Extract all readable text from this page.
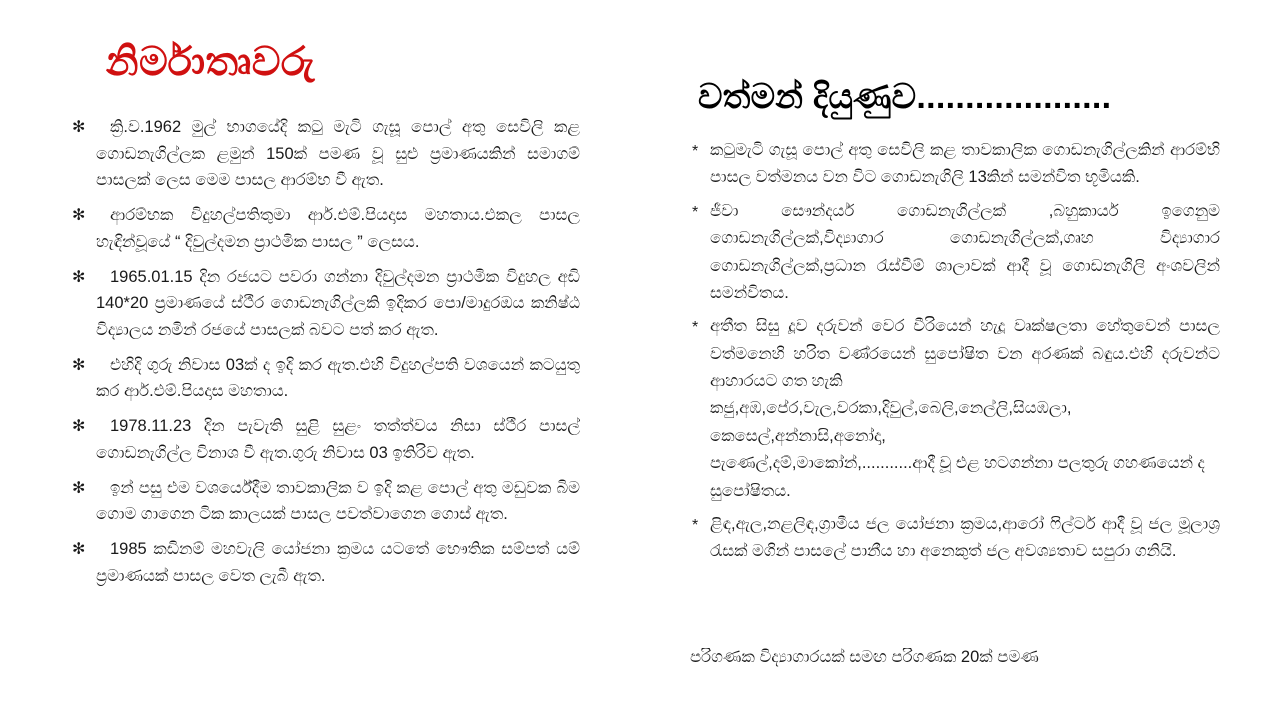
නිර්මාතෘවරු
✻ ක්‍රි.ව.1962 මුල් භාගයේදි කටු මැටි ගැසූ පොල් අතු සෙවිලි කළ ගොඩනැගිල්ලක ළමුන් 150ක් පමණ වූ සුළු ප්‍රමාණයකින් සමාගම් පාසලක් ලෙස මෙම පාසල ආරම්භ වී ඇත.
✻ ආරම්භක විදුහල්පතිතුමා ආර්.එම්.පියදාස මහතාය.එකල පාසල හැඳින්වූයේ “ දිවුල්දමන ප්‍රාථමික පාසල ” ලෙසය.
✻ 1965.01.15 දින රජයට පවරා ගන්නා දිවුල්දමන ප්‍රාථමික විදුහල අඩි 140*20 ප්‍රමාණයේ ස්ථීර ගොඩනැගිල්ලකි ඉදිකර පො/මාදුරඔය කනිෂ්ඨ විද්‍යාලය නමින් රජයේ පාසලක් බවට පත් කර ඇත.
✻ එහිදි ගුරු නිවාස 03ක් ද ඉදි කර ඇත.එහි විදුහල්පති වශයෙන් කටයුතු කර ආර්.එම්.පියදාස මහතාය.
✻ 1978.11.23 දින පැවැති සුළි සුළං තත්ත්වය නිසා ස්ථීර පාසල් ගොඩනැගිල්ල විනාශ වී ඇත.ගුරු නිවාස 03 ඉතිරිව ඇත.
✻ ඉන් පසු එම වශර්යේදීම තාවකාලික ව ඉදි කළ පොල් අතු මඩුවක බිම ගොම ගාගෙන ටික කාලයක් පාසල පවත්වාගෙන ගොස් ඇත.
✻ 1985 කඩිනම් මහවැලි යෝජනා ක්‍රමය යටතේ භෞතික සම්පත් යම් ප්‍රමාණයක් පාසල වෙත ලැබී ඇත.
වත්මන් දියුණුව....................
* කටුමැටි ගැසූ පොල් අතු සෙවිලි කළ තාවකාලික ගොඩනැගිල්ලකින් ආරම්භි පාසල වත්මනය වන විට ගොඩනැගිලි 13කින් සමන්විත භූමියකි.
* ජීවා සෞන්දයර් ගොඩනැගිල්ලක් ,බහුකායර් ඉගෙනුම ගොඩනැගිල්ලක්,විද්‍යාගාර ගොඩනැගිල්ලක්,ගෘහ විද්‍යාගාර ගොඩනැගිල්ලක්,ප්‍රධාන රැස්වීම් ශාලාවක් ආදී වූ ගොඩනැගිලි අංශවලින් සමන්විතය.
* අතීත සිසු දූව දරුවන් වෙර වීරියෙන් හැදූ වෘක්ෂලතා හේතුවෙන් පාසල වත්මනෙහි හරිත වණ්රයෙන් සුපෝෂිත වන අරණක් බඳුය.එහි දරුවන්ට ආහාරයට ගත හැකි
කජු,අඹ,පේර,වැල,වරකා,දිවුල්,බෙලි,නෙල්ලි,සියඹලා,
කෙසෙල්,අන්නාසි,අනෝදා,
පැණෙල්,දම්,මාකෝන්,...........ආදී වූ එළ හටගන්නා පලතුරු ගහණයෙන් ද සුපෝෂිතය.
* ළිඳ,ඇල,නළලිඳ,ග්‍රාමීය ජල යෝජනා ක්‍රමය,ආරෝ ෆිල්ටර් ආදී වූ ජල මූලාශ්‍ර රැසක් මගින් පාසලේ පානීය හා අනෙකුත් ජල අවශ්‍යතාව සපුරා ගනියි.
පරිගණක විද්‍යාගාරයක් සමඟ පරිගණක 20ක් පමණ
